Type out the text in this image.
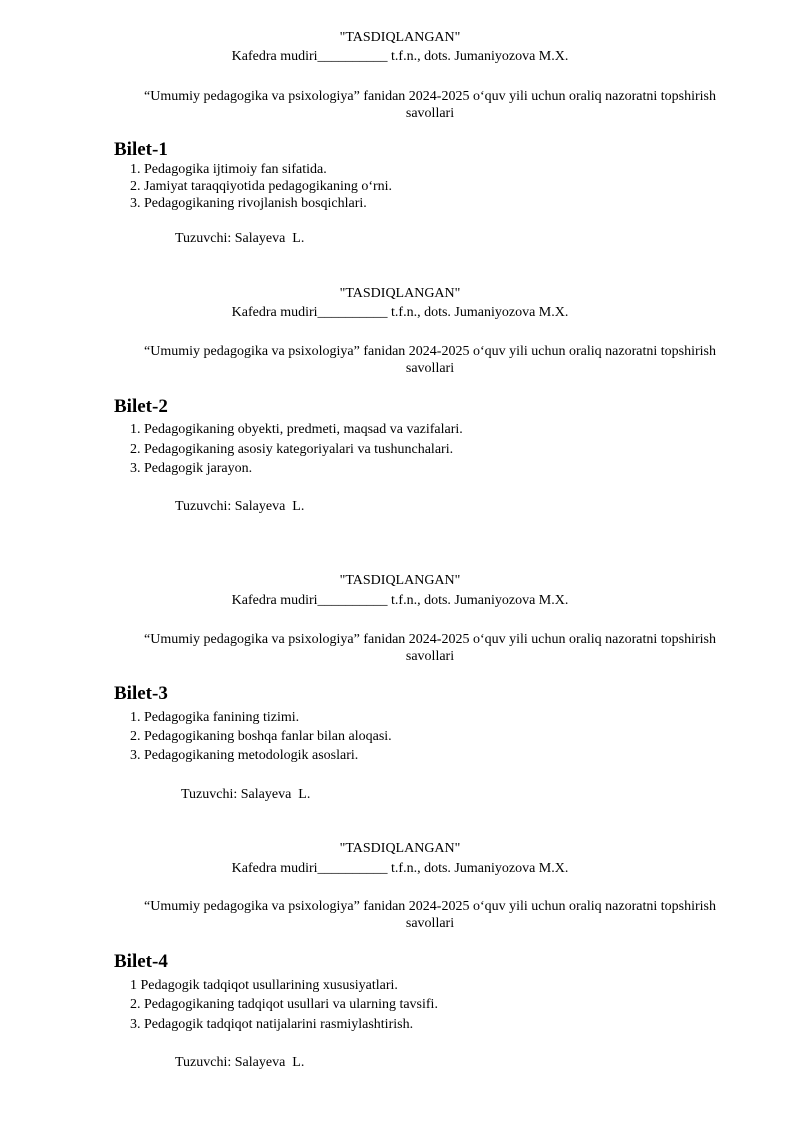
"TASDIQLANGAN"
Kafedra mudiri__________ t.f.n., dots. Jumaniyozova M.X.
“Umumiy pedagogika va psixologiya” fanidan 2024-2025 o‘quv yili uchun oraliq nazoratni topshirish
savollari
Bilet-1
1. Pedagogika ijtimoiy fan sifatida.
2. Jamiyat taraqqiyotida pedagogikaning o‘rni.
3. Pedagogikaning rivojlanish bosqichlari.
Tuzuvchi: Salayeva  L.
"TASDIQLANGAN"
Kafedra mudiri__________ t.f.n., dots. Jumaniyozova M.X.
“Umumiy pedagogika va psixologiya” fanidan 2024-2025 o‘quv yili uchun oraliq nazoratni topshirish
savollari
Bilet-2
1. Pedagogikaning obyekti, predmeti, maqsad va vazifalari.
2. Pedagogikaning asosiy kategoriyalari va tushunchalari.
3. Pedagogik jarayon.
Tuzuvchi: Salayeva  L.
"TASDIQLANGAN"
Kafedra mudiri__________ t.f.n., dots. Jumaniyozova M.X.
“Umumiy pedagogika va psixologiya” fanidan 2024-2025 o‘quv yili uchun oraliq nazoratni topshirish
savollari
Bilet-3
1. Pedagogika fanining tizimi.
2. Pedagogikaning boshqa fanlar bilan aloqasi.
3. Pedagogikaning metodologik asoslari.
Tuzuvchi: Salayeva  L.
"TASDIQLANGAN"
Kafedra mudiri__________ t.f.n., dots. Jumaniyozova M.X.
“Umumiy pedagogika va psixologiya” fanidan 2024-2025 o‘quv yili uchun oraliq nazoratni topshirish
savollari
Bilet-4
1 Pedagogik tadqiqot usullarining xususiyatlari.
2. Pedagogikaning tadqiqot usullari va ularning tavsifi.
3. Pedagogik tadqiqot natijalarini rasmiylashtirish.
Tuzuvchi: Salayeva  L.
